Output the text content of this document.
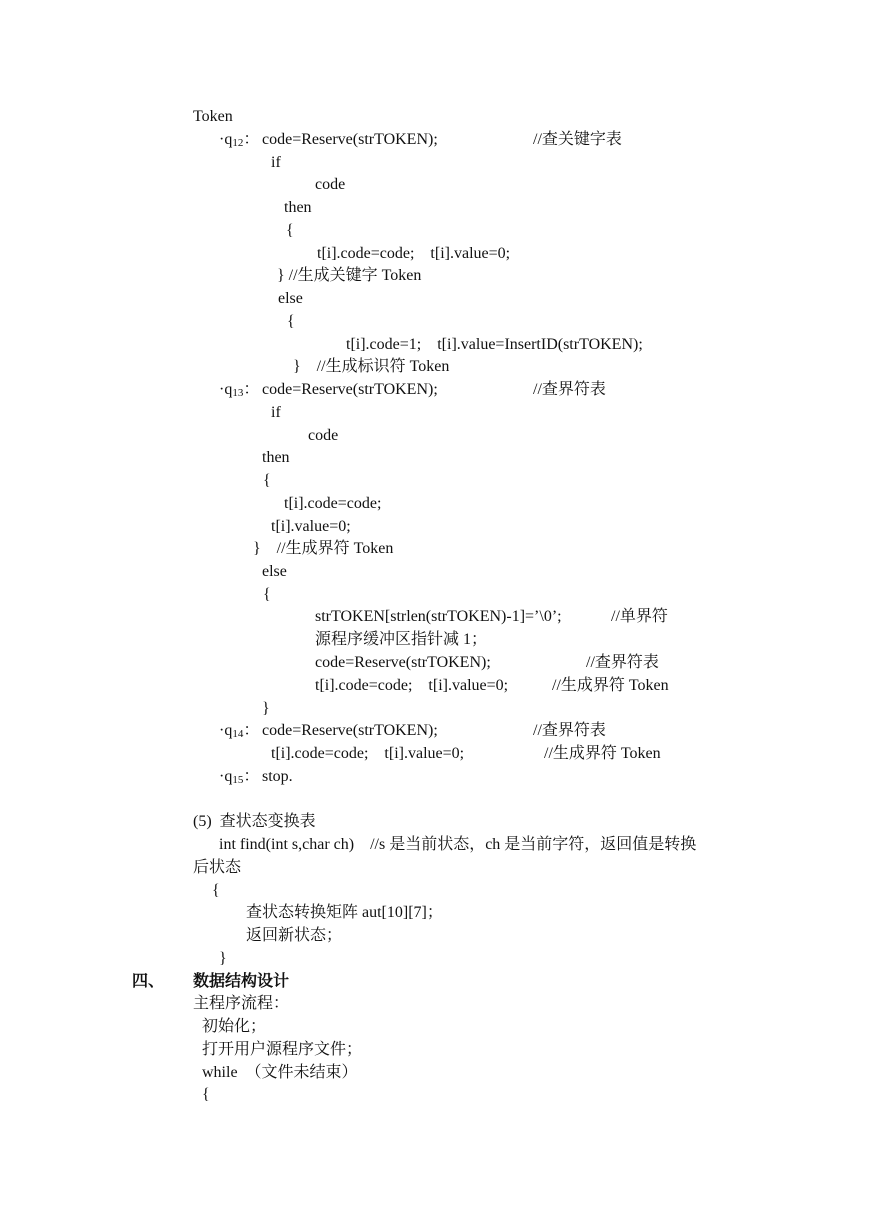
Token
$\cdot q_{12}$： code=Reserve(strTOKEN);	//查关键字表
if
code
then
{
t[i].code=code;    t[i].value=0;
} //生成关键字 Token
else
{
t[i].code=1;    t[i].value=InsertID(strTOKEN);
}    //生成标识符 Token
$\cdot q_{13}$： code=Reserve(strTOKEN);	//查界符表
if
code
then
{
t[i].code=code;
t[i].value=0;
}    //生成界符 Token
else
{
strTOKEN[strlen(strTOKEN)-1]=’\0’;	//单界符
源程序缓冲区指针减 1；
code=Reserve(strTOKEN);	//查界符表
t[i].code=code;    t[i].value=0;	//生成界符 Token
}
$\cdot q_{14}$： code=Reserve(strTOKEN);	//查界符表
t[i].code=code;    t[i].value=0;	//生成界符 Token
$\cdot q_{15}$： stop.
(5)  查状态变换表
int find(int s,char ch)    //s 是当前状态，ch 是当前字符，返回值是转换
后状态
{
查状态转换矩阵 aut[10][7]；
返回新状态；
}
四、 数据结构设计
主程序流程：
初始化；
打开用户源程序文件；
while  （文件未结束）
{
